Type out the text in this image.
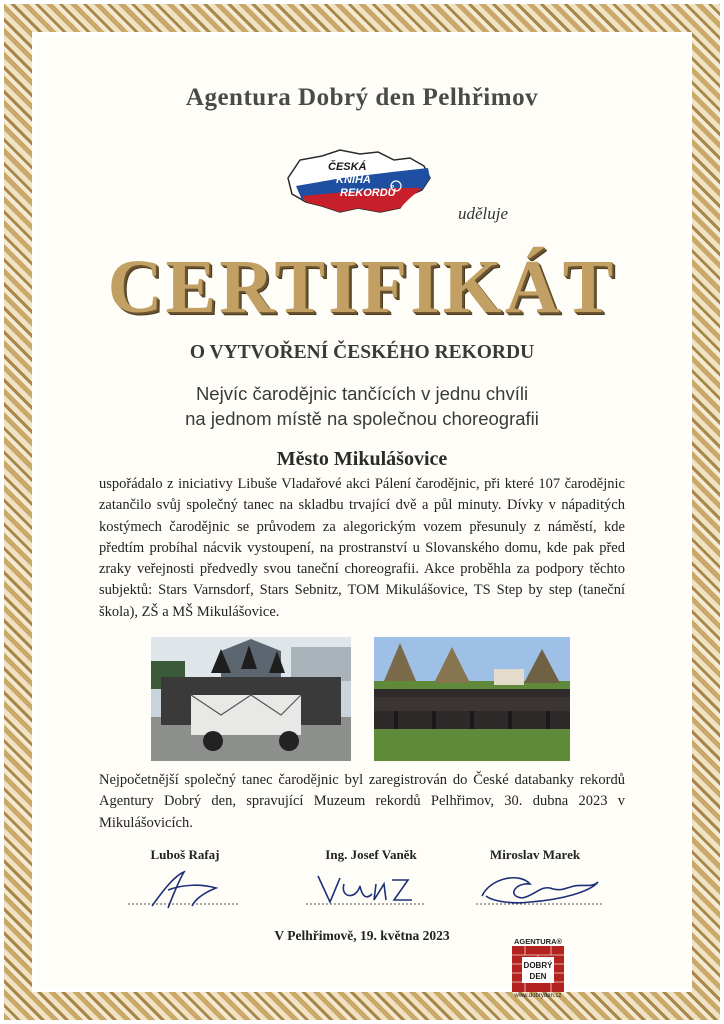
Agentura Dobrý den Pelhřimov
ČESKÁ
KNIHA
REKORDŮ
uděluje
CERTIFIKÁT
O VYTVOŘENÍ ČESKÉHO REKORDU
Nejvíc čarodějnic tančících v jednu chvíli
na jednom místě na společnou choreografii
Město Mikulášovice
uspořádalo z iniciativy Libuše Vladařové akci Pálení čarodějnic, při které 107 čarodějnic zatančilo svůj společný tanec na skladbu trvající dvě a půl minuty. Dívky v nápaditých kostýmech čarodějnic se průvodem za alegorickým vozem přesunuly z náměstí, kde předtím probíhal nácvik vystoupení, na prostranství u Slovanského domu, kde pak před zraky veřejnosti předvedly svou taneční choreografii. Akce proběhla za podpory těchto subjektů: Stars Varnsdorf, Stars Sebnitz, TOM Mikulášovice, TS Step by step (taneční škola), ZŠ a MŠ Mikulášovice.
Nejpočetnější společný tanec čarodějnic byl zaregistrován do České databanky rekordů Agentury Dobrý den, spravující Muzeum rekordů Pelhřimov, 30. dubna 2023 v Mikulášovicích.
Luboš Rafaj	Ing. Josef Vaněk	Miroslav Marek
V Pelhřimově, 19. května 2023	AGENTURA®
DOBRÝ
DEN
www.dobryden.cz
